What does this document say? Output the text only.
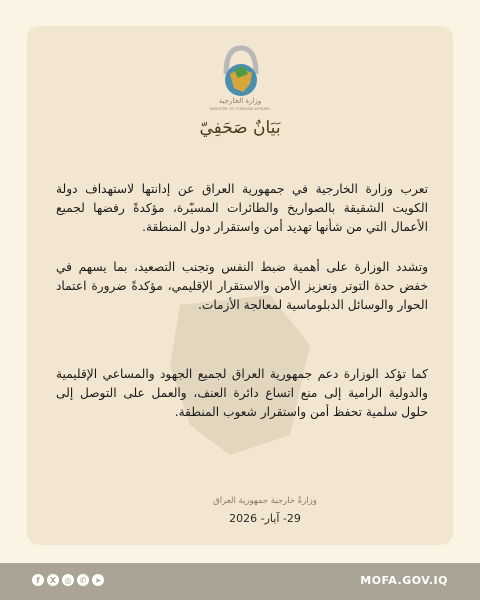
وزارة الخارجية
MINISTRY OF FOREIGN AFFAIRS
بَيَانٌ صَحَفِيّ
تعرب وزارة الخارجية في جمهورية العراق عن إدانتها لاستهداف دولة الكويت الشقيقة بالصواريخ والطائرات المسيّرة، مؤكدةً رفضها لجميع الأعمال التي من شأنها تهديد أمن واستقرار دول المنطقة.
وتشدد الوزارة على أهمية ضبط النفس وتجنب التصعيد، بما يسهم في خفض حدة التوتر وتعزيز الأمن والاستقرار الإقليمي، مؤكدةً ضرورة اعتماد الحوار والوسائل الدبلوماسية لمعالجة الأزمات.
كما تؤكد الوزارة دعم جمهورية العراق لجميع الجهود والمساعي الإقليمية والدولية الرامية إلى منع اتساع دائرة العنف، والعمل على التوصل إلى حلول سلمية تحفظ أمن واستقرار شعوب المنطقة.
وزارةُ خارجية جمهورية العراق
29- آيار- 2026
f	X	◎	✆	➤	MOFA.GOV.IQ
